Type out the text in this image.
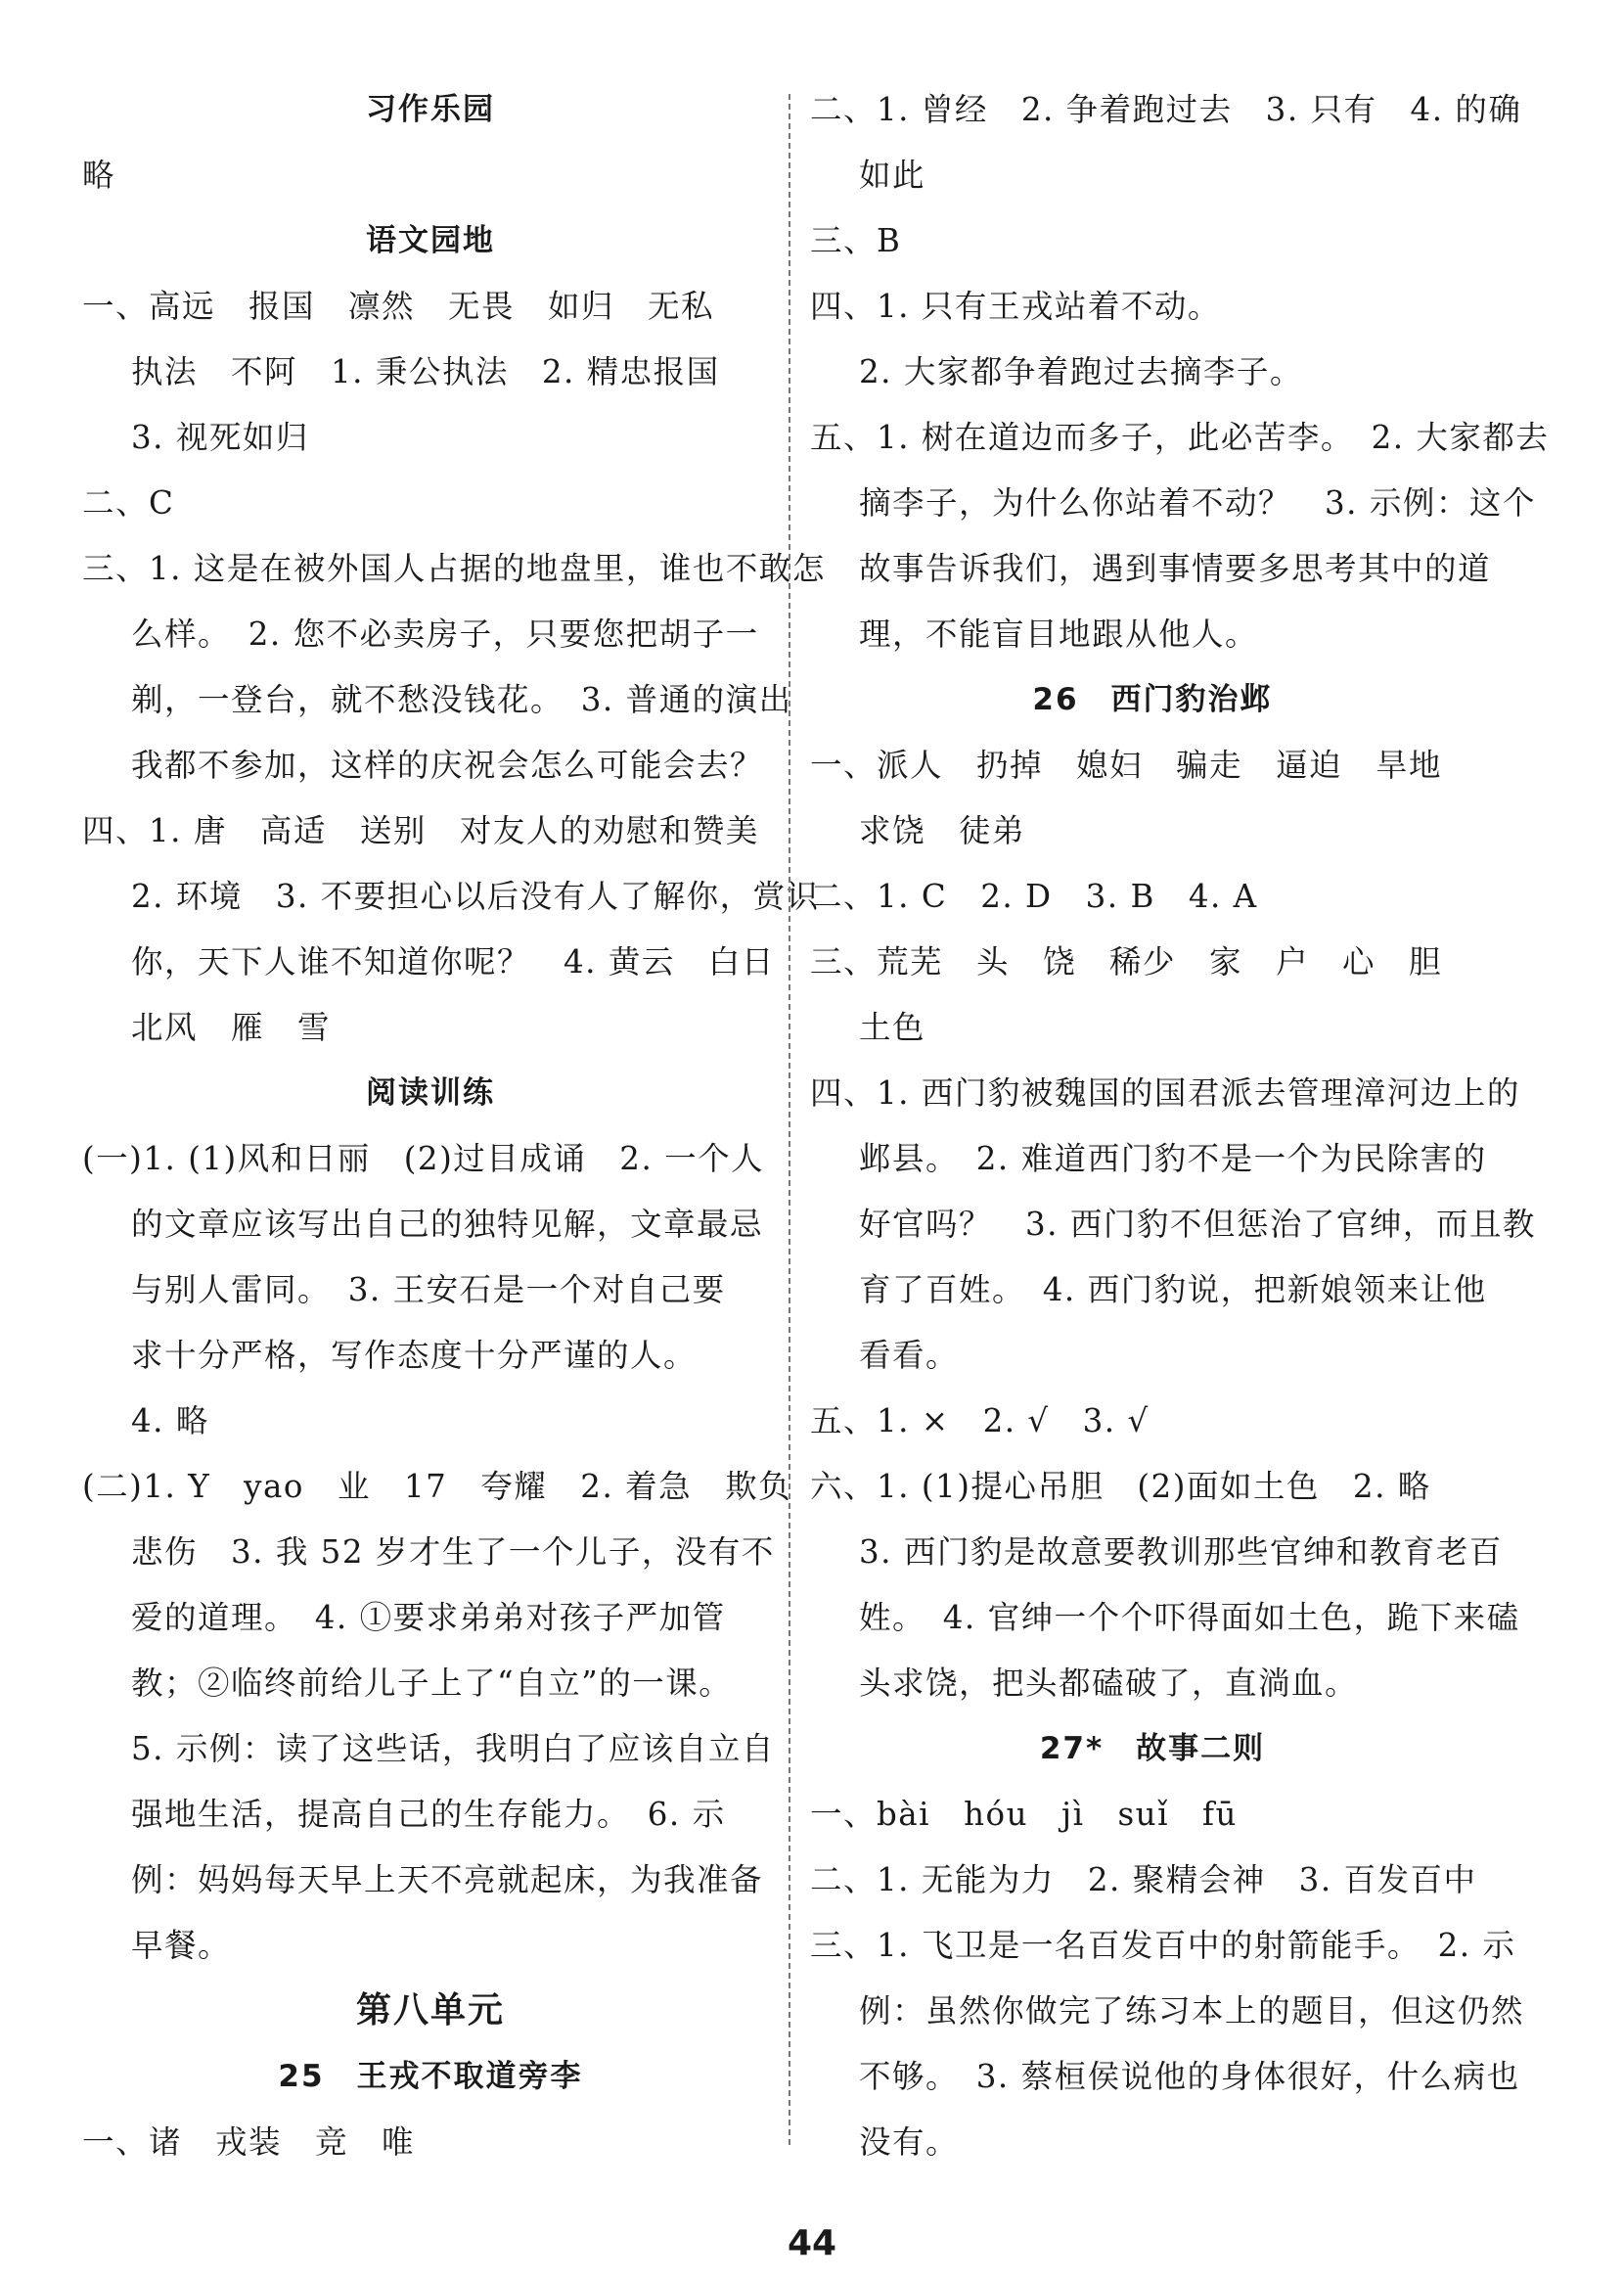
习作乐园
略
语文园地
一、高远　报国　凛然　无畏　如归　无私
执法　不阿　1. 秉公执法　2. 精忠报国
3. 视死如归
二、C
三、1. 这是在被外国人占据的地盘里，谁也不敢怎
么样。　2. 您不必卖房子，只要您把胡子一
剃，一登台，就不愁没钱花。　3. 普通的演出
我都不参加，这样的庆祝会怎么可能会去？
四、1. 唐　高适　送别　对友人的劝慰和赞美
2. 环境　3. 不要担心以后没有人了解你，赏识
你，天下人谁不知道你呢？　4. 黄云　白日
北风　雁　雪
阅读训练
(一)1. (1)风和日丽　(2)过目成诵　2. 一个人
的文章应该写出自己的独特见解，文章最忌
与别人雷同。　3. 王安石是一个对自己要
求十分严格，写作态度十分严谨的人。
4. 略
(二)1. Y　yao　业　17　夸耀　2. 着急　欺负
悲伤　3. 我 52 岁才生了一个儿子，没有不
爱的道理。　4. ①要求弟弟对孩子严加管
教；②临终前给儿子上了“自立”的一课。
5. 示例：读了这些话，我明白了应该自立自
强地生活，提高自己的生存能力。　6. 示
例：妈妈每天早上天不亮就起床，为我准备
早餐。
第八单元
25　王戎不取道旁李
一、诸　戎装　竞　唯
二、1. 曾经　2. 争着跑过去　3. 只有　4. 的确
如此
三、B
四、1. 只有王戎站着不动。
2. 大家都争着跑过去摘李子。
五、1. 树在道边而多子，此必苦李。　2. 大家都去
摘李子，为什么你站着不动？　3. 示例：这个
故事告诉我们，遇到事情要多思考其中的道
理，不能盲目地跟从他人。
26　西门豹治邺
一、派人　扔掉　媳妇　骗走　逼迫　旱地
求饶　徒弟
二、1. C　2. D　3. B　4. A
三、荒芜　头　饶　稀少　家　户　心　胆
土色
四、1. 西门豹被魏国的国君派去管理漳河边上的
邺县。　2. 难道西门豹不是一个为民除害的
好官吗？　3. 西门豹不但惩治了官绅，而且教
育了百姓。　4. 西门豹说，把新娘领来让他
看看。
五、1. ×　2. √　3. √
六、1. (1)提心吊胆　(2)面如土色　2. 略
3. 西门豹是故意要教训那些官绅和教育老百
姓。　4. 官绅一个个吓得面如土色，跪下来磕
头求饶，把头都磕破了，直淌血。
27*　故事二则
一、bài　hóu　jì　suǐ　fū
二、1. 无能为力　2. 聚精会神　3. 百发百中
三、1. 飞卫是一名百发百中的射箭能手。　2. 示
例：虽然你做完了练习本上的题目，但这仍然
不够。　3. 蔡桓侯说他的身体很好，什么病也
没有。
44
